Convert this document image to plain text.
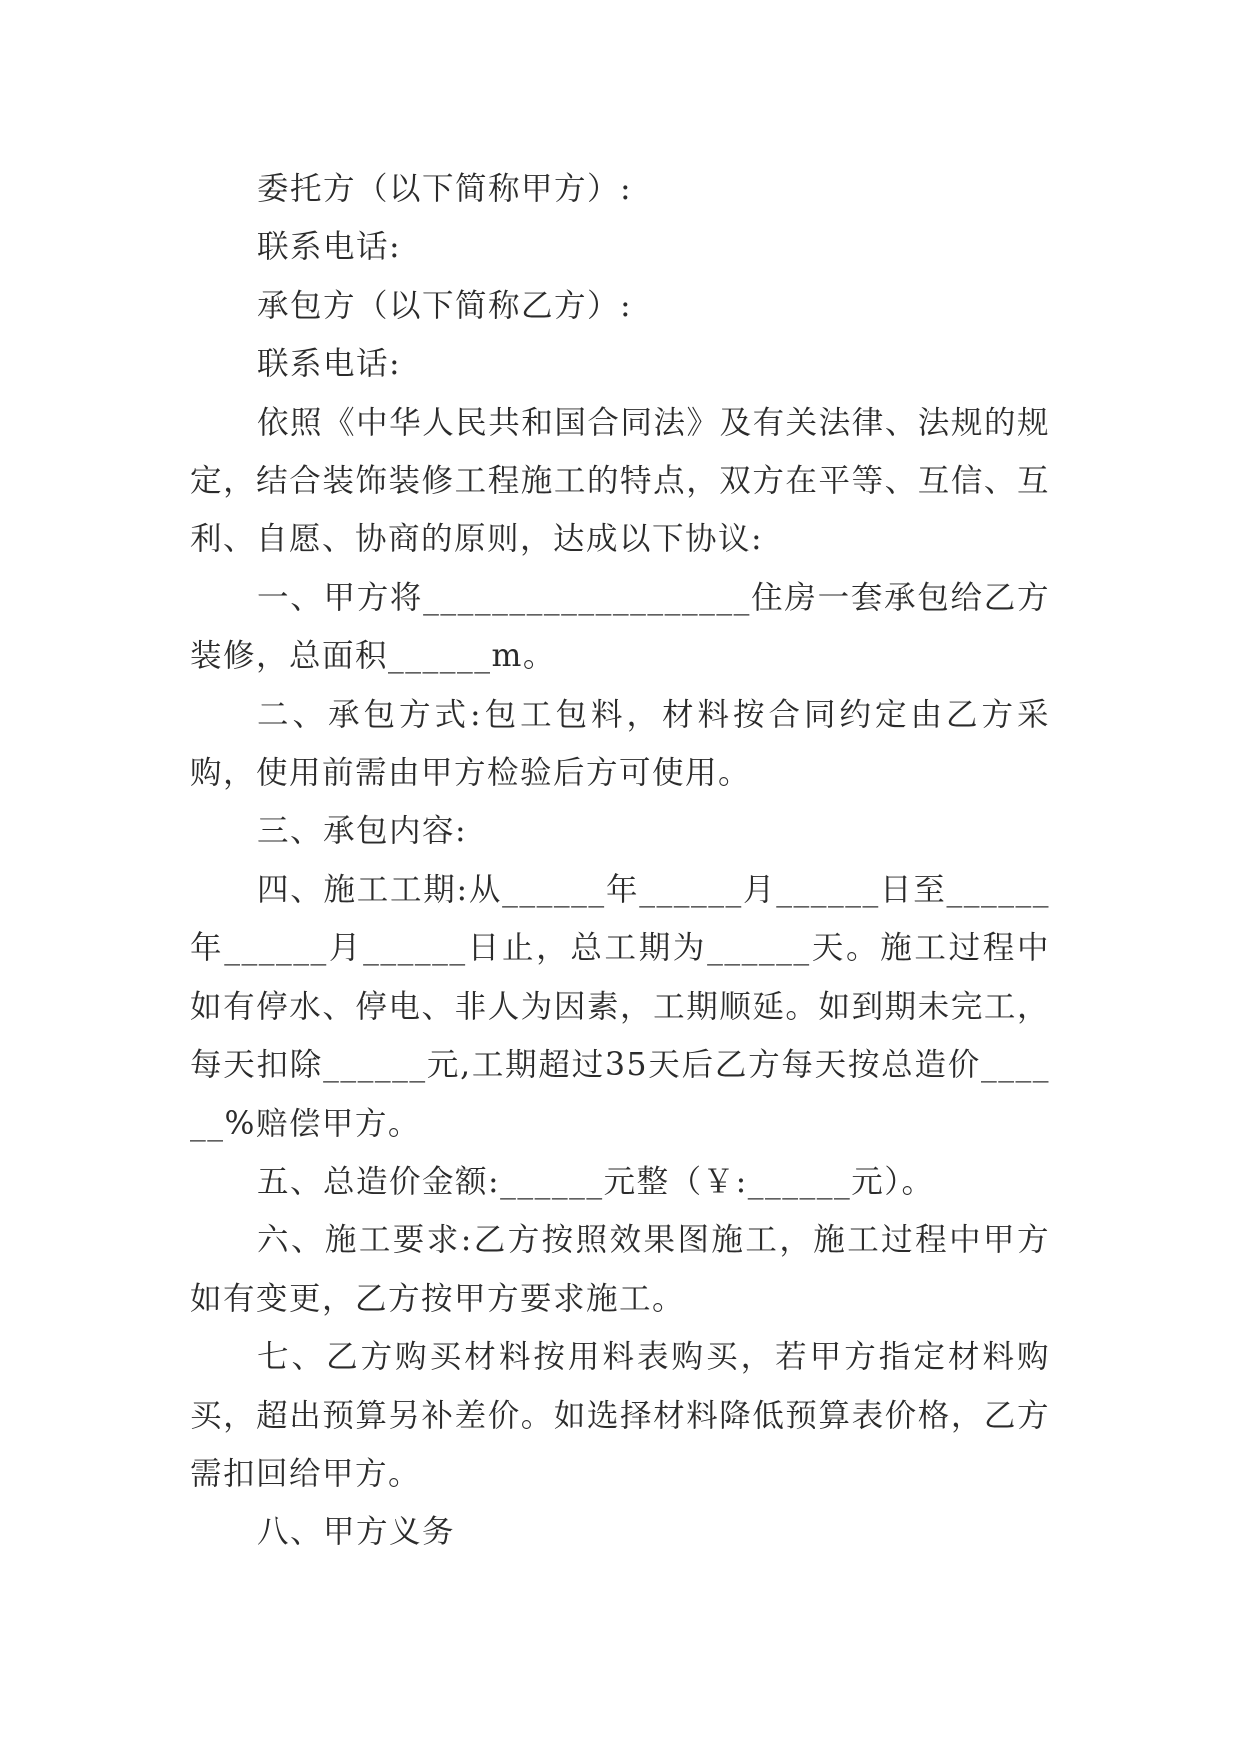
委托方（以下简称甲方）:

联系电话:

承包方（以下简称乙方）:

联系电话:

依照《中华人民共和国合同法》及有关法律、法规的规定，结合装饰装修工程施工的特点，双方在平等、互信、互利、自愿、协商的原则，达成以下协议:

一、甲方将___________________住房一套承包给乙方装修，总面积______m。

二、承包方式:包工包料，材料按合同约定由乙方采购，使用前需由甲方检验后方可使用。

三、承包内容:

四、施工工期:从______年______月______日至______年______月______日止，总工期为______天。施工过程中如有停水、停电、非人为因素，工期顺延。如到期未完工，每天扣除______元,工期超过35天后乙方每天按总造价______%赔偿甲方。

五、总造价金额:______元整（￥:______元）。

六、施工要求:乙方按照效果图施工，施工过程中甲方如有变更，乙方按甲方要求施工。

七、乙方购买材料按用料表购买，若甲方指定材料购买，超出预算另补差价。如选择材料降低预算表价格，乙方需扣回给甲方。

八、甲方义务
